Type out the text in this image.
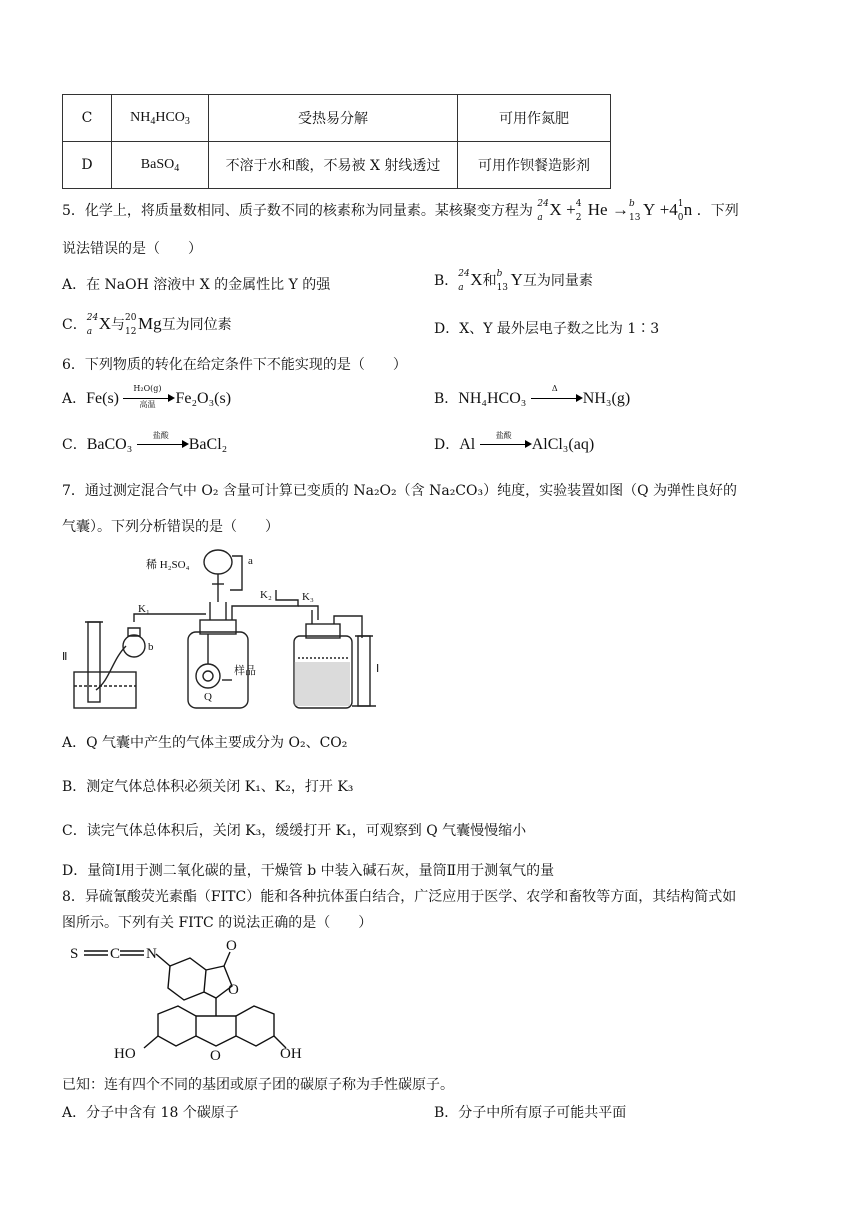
C	$NH_4HCO_3$	受热易分解	可用作氮肥
D	BaSO$_4$	不溶于水和酸，不易被 X 射线透过	可用作钡餐造影剂
5．化学上，将质量数相同、质子数不同的核素称为同量素。某核聚变方程为 24
a X + 4
2 He → b
13 Y +4 1
0 n ．下列
说法错误的是（　　）
A．在 NaOH 溶液中 X 的金属性比 Y 的强	B． 24
a X和 b
13 Y互为同量素
C． 24
a X与 20
12 Mg互为同位素	D．X、Y 最外层电子数之比为 1∶3
6．下列物质的转化在给定条件下不能实现的是（　　）
A．Fe(s)
H₂O(g)
高温	Fe₂O₃(s)	B．NH₄HCO₃
Δ
NH₃(g)
C．BaCO₃
盐酸
BaCl₂	D．Al
盐酸
AlCl₃(aq)
7．通过测定混合气中 O₂ 含量可计算已变质的 Na₂O₂（含 Na₂CO₃）纯度，实验装置如图（Q 为弹性良好的
气囊）。下列分析错误的是（　　）
稀 H₂SO₄	a
b
K₁
K₂	K₃
Ⅱ
Ⅰ
Q
样品
A．Q 气囊中产生的气体主要成分为 O₂、CO₂
B．测定气体总体积必须关闭 K₁、K₂，打开 K₃
C．读完气体总体积后，关闭 K₃，缓缓打开 K₁，可观察到 Q 气囊慢慢缩小
D．量筒Ⅰ用于测二氧化碳的量，干燥管 b 中装入碱石灰，量筒Ⅱ用于测氧气的量
8．异硫氰酸荧光素酯（FITC）能和各种抗体蛋白结合，广泛应用于医学、农学和畜牧等方面，其结构简式如
图所示。下列有关 FITC 的说法正确的是（　　）
S C N	O
O
O
HO	OH
已知：连有四个不同的基团或原子团的碳原子称为手性碳原子。
A．分子中含有 18 个碳原子	B．分子中所有原子可能共平面
